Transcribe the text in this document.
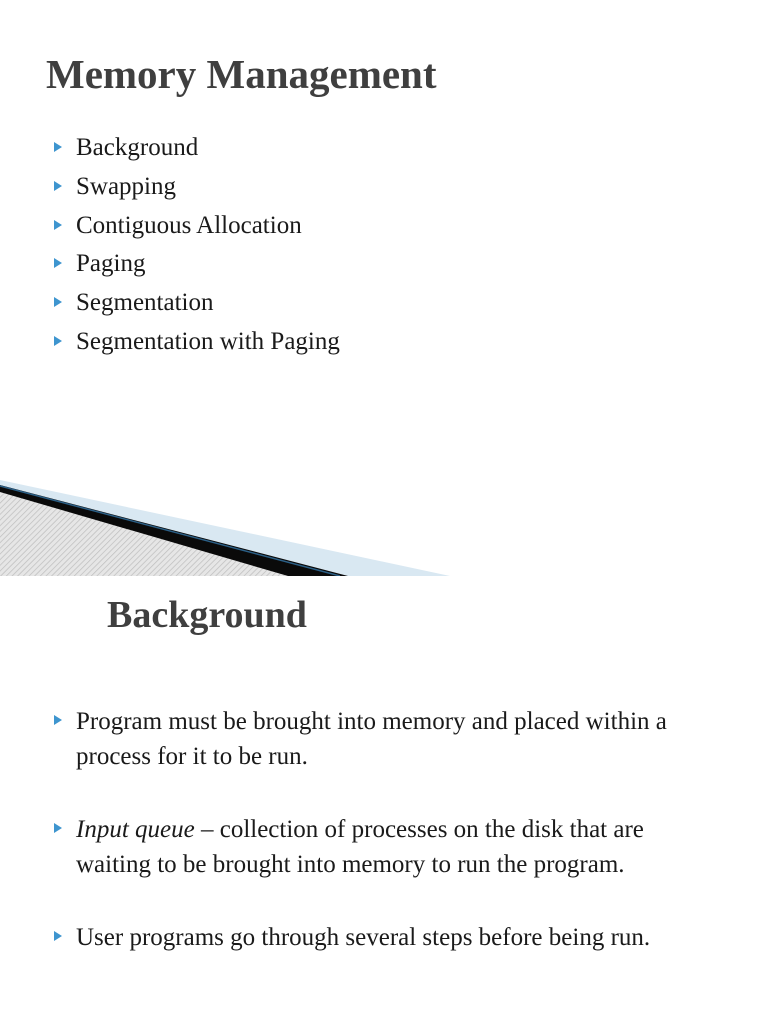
Memory Management
Background
Swapping
Contiguous Allocation
Paging
Segmentation
Segmentation with Paging
Background
Program must be brought into memory and placed within a process for it to be run.
Input queue – collection of processes on the disk that are waiting to be brought into memory to run the program.
User programs go through several steps before being run.
